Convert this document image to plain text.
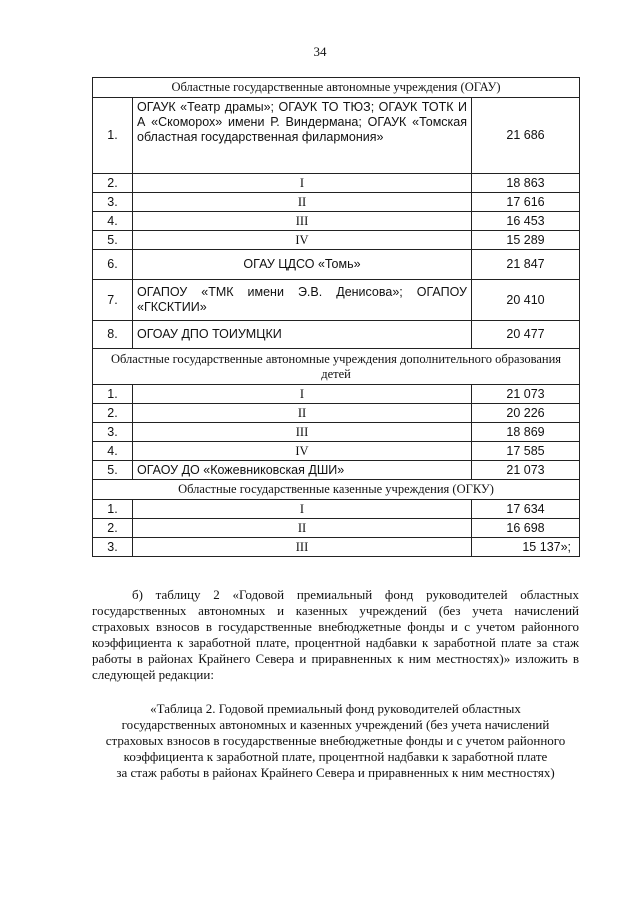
34
Областные государственные автономные учреждения (ОГАУ)		
1.	ОГАУК «Театр драмы»; ОГАУК ТО ТЮЗ; ОГАУК ТОТК И А «Скоморох» имени Р. Виндермана; ОГАУК «Томская областная государственная филармония»	21 686
2.	I	18 863
3.	II	17 616
4.	III	16 453
5.	IV	15 289
6.	ОГАУ ЦДСО «Томь»	21 847
7.	ОГАПОУ «ТМК имени Э.В. Денисова»; ОГАПОУ «ГКСКТИИ»	20 410
8.	ОГОАУ ДПО ТОИУМЦКИ	20 477
Областные государственные автономные учреждения дополнительного образования детей		
1.	I	21 073
2.	II	20 226
3.	III	18 869
4.	IV	17 585
5.	ОГАОУ ДО «Кожевниковская ДШИ»	21 073
Областные государственные казенные учреждения (ОГКУ)		
1.	I	17 634
2.	II	16 698
3.	III	15 137»;
б) таблицу 2 «Годовой премиальный фонд руководителей областных государственных автономных и казенных учреждений (без учета начислений страховых взносов в государственные внебюджетные фонды и с учетом районного коэффициента к заработной плате, процентной надбавки к заработной плате за стаж работы в районах Крайнего Севера и приравненных к ним местностях)» изложить в следующей редакции:
«Таблица 2. Годовой премиальный фонд руководителей областных
государственных автономных и казенных учреждений (без учета начислений
страховых взносов в государственные внебюджетные фонды и с учетом районного
коэффициента к заработной плате, процентной надбавки к заработной плате
за стаж работы в районах Крайнего Севера и приравненных к ним местностях)
